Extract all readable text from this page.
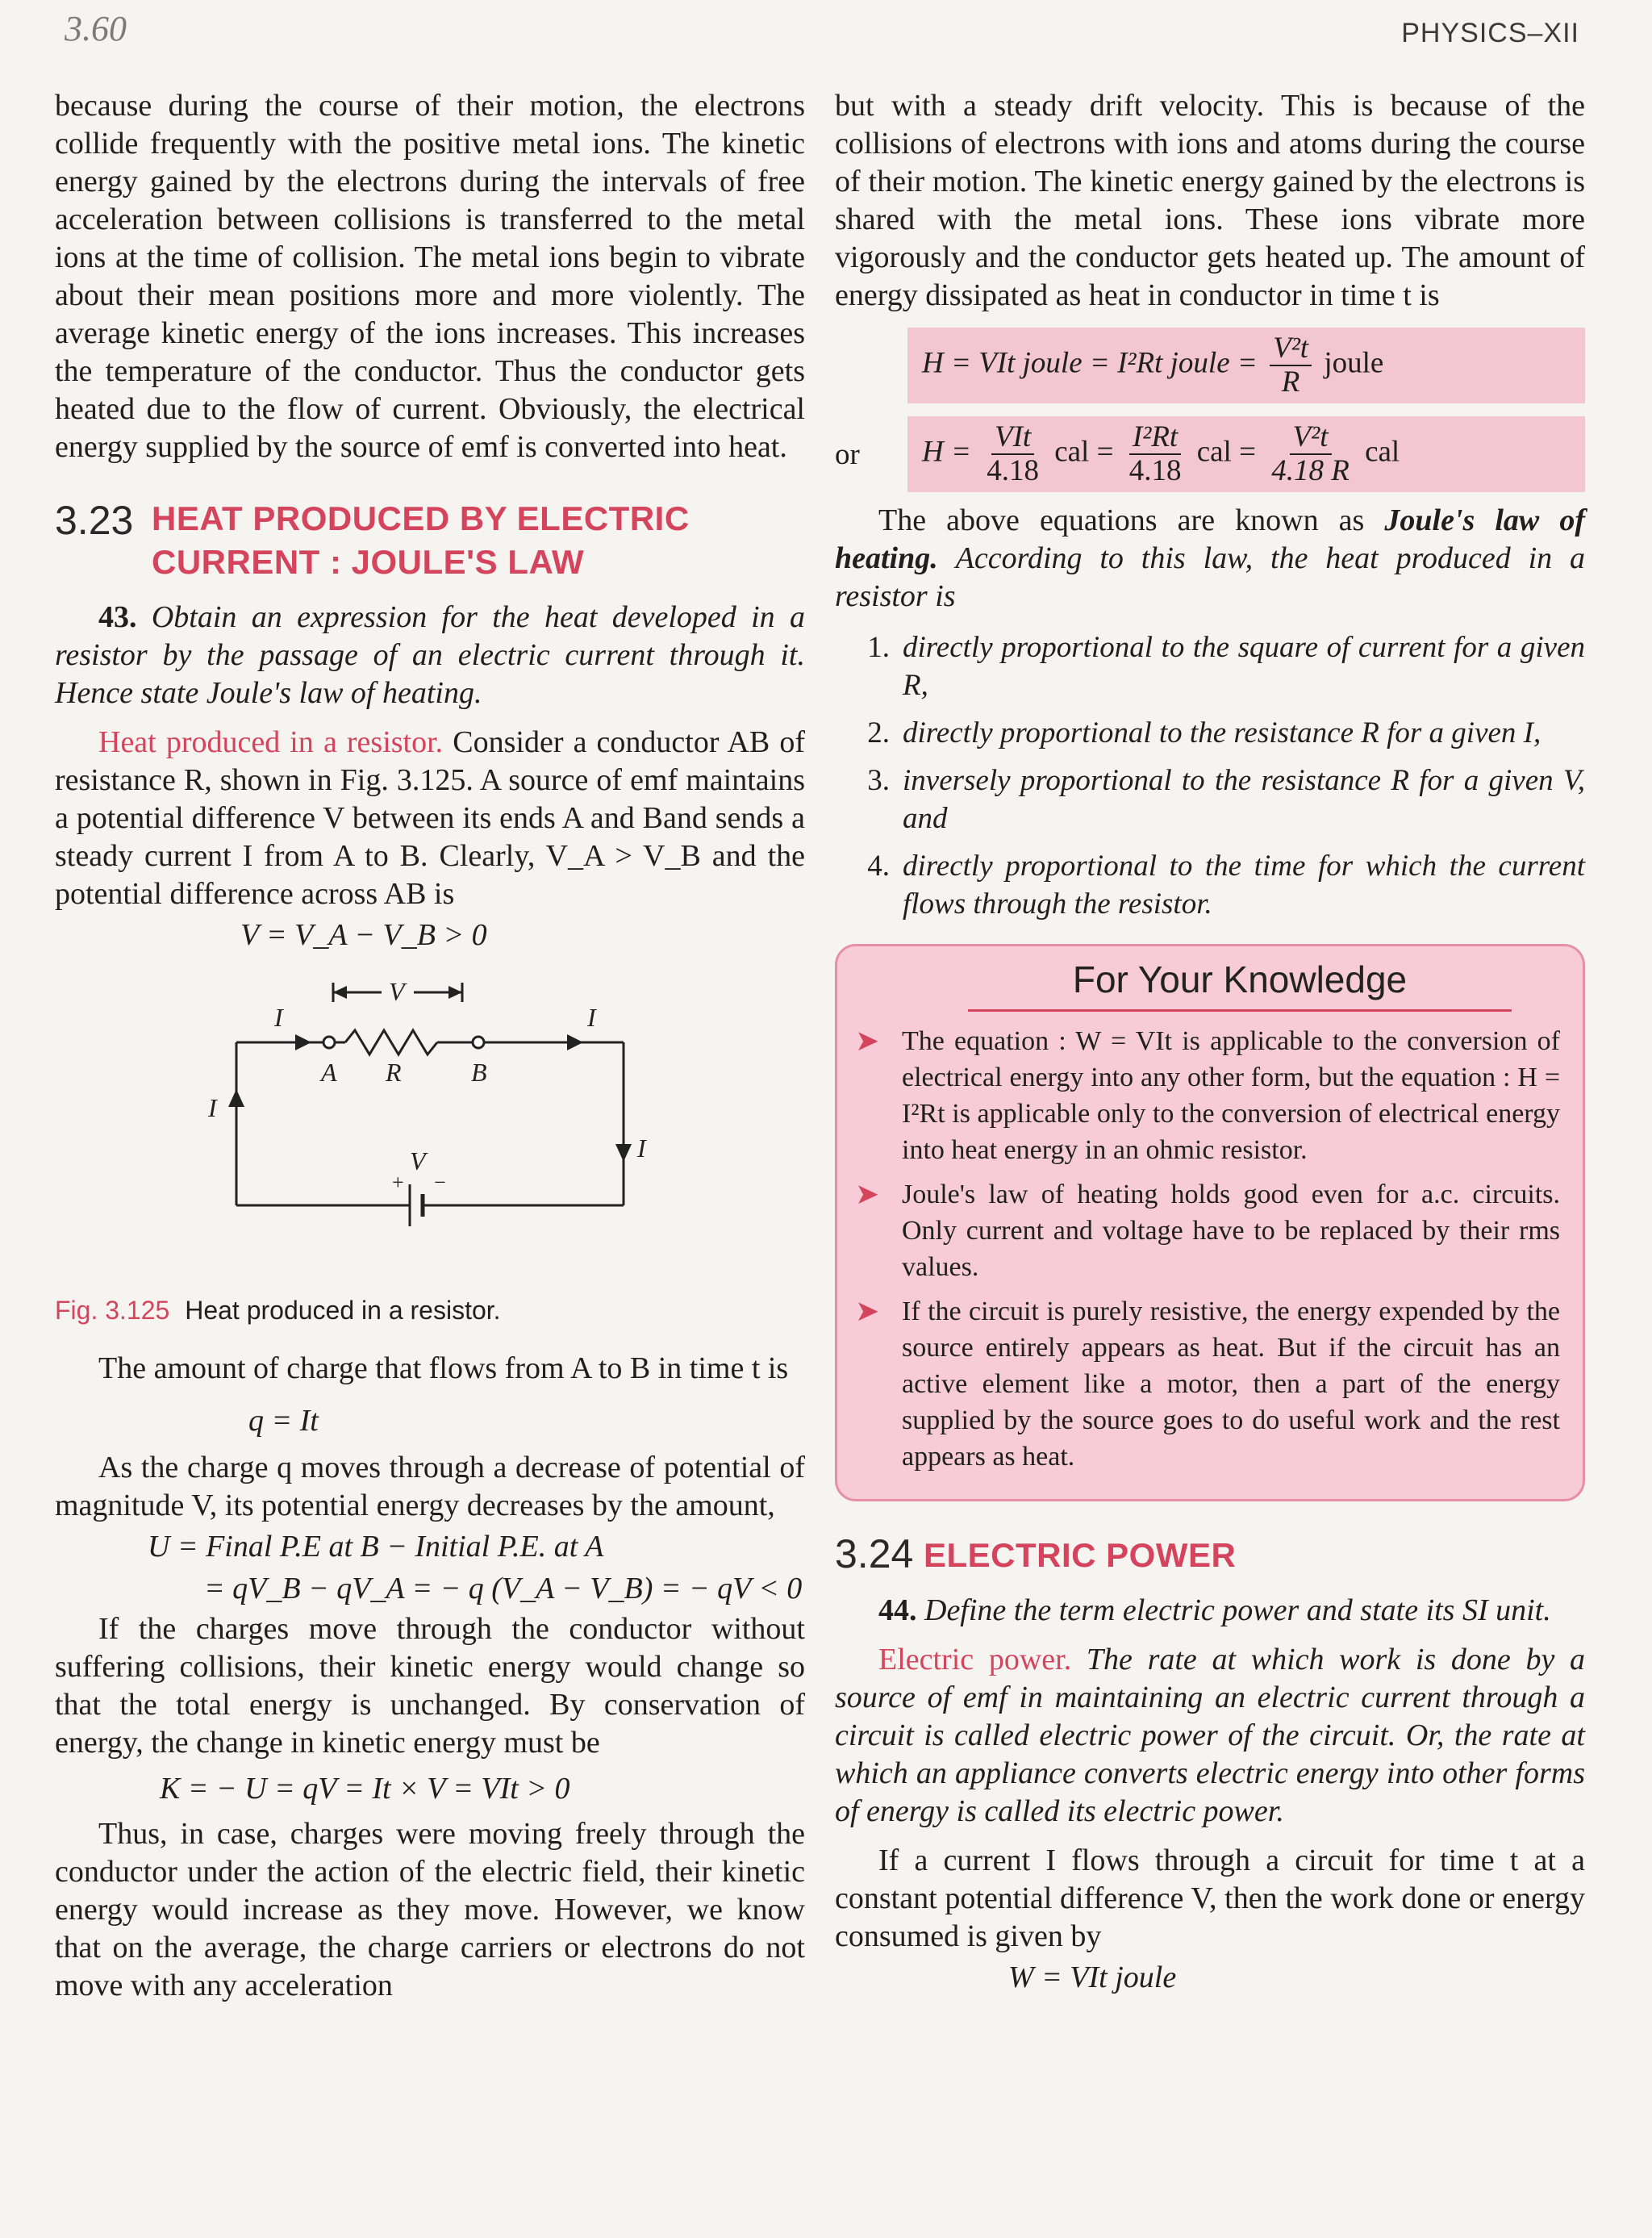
3.60	PHYSICS–XII

because during the course of their motion, the electrons collide frequently with the positive metal ions. The kinetic energy gained by the electrons during the intervals of free acceleration between collisions is transferred to the metal ions at the time of collision. The metal ions begin to vibrate about their mean positions more and more violently. The average kinetic energy of the ions increases. This increases the temperature of the conductor. Thus the conductor gets heated due to the flow of current. Obviously, the electrical energy supplied by the source of emf is converted into heat.

3.23 HEAT PRODUCED BY ELECTRIC
CURRENT : JOULE'S LAW

43. Obtain an expression for the heat developed in a resistor by the passage of an electric current through it. Hence state Joule's law of heating.

Heat produced in a resistor. Consider a conductor AB of resistance R, shown in Fig. 3.125. A source of emf maintains a potential difference V between its ends A and Band sends a steady current I from A to B. Clearly, V_A > V_B and the potential difference across AB is

V = V_A − V_B > 0
V
I	I
A R	B
I
I
V
+ −
Fig. 3.125 Heat produced in a resistor.

The amount of charge that flows from A to B in time t is

q = It

As the charge q moves through a decrease of potential of magnitude V, its potential energy decreases by the amount,

U = Final P.E at B − Initial P.E. at A
= qV_B − qV_A = − q (V_A − V_B) = − qV < 0

If the charges move through the conductor without suffering collisions, their kinetic energy would change so that the total energy is unchanged. By conservation of energy, the change in kinetic energy must be

K = − U = qV = It × V = VIt > 0

Thus, in case, charges were moving freely through the conductor under the action of the electric field, their kinetic energy would increase as they move. However, we know that on the average, the charge carriers or electrons do not move with any acceleration

but with a steady drift velocity. This is because of the collisions of electrons with ions and atoms during the course of their motion. The kinetic energy gained by the electrons is shared with the metal ions. These ions vibrate more vigorously and the conductor gets heated up. The amount of energy dissipated as heat in conductor in time t is

H = VIt joule = I²Rt joule = $\frac{\text{V²t}}{R}$ joule
or	$H = \frac{\text{VIt}}{4.18}$ cal = $\frac{\text{I²Rt}}{4.18}$ cal = $\frac{\text{V²t}}{4.18 R}$ cal

The above equations are known as Joule's law of heating. According to this law, the heat produced in a resistor is

1. directly proportional to the square of current for a given R,
2. directly proportional to the resistance R for a given I,
3. inversely proportional to the resistance R for a given V, and
4. directly proportional to the time for which the current flows through the resistor.
For Your Knowledge
➤ The equation : W = VIt is applicable to the conversion of electrical energy into any other form, but the equation : H = I²Rt is applicable only to the conversion of electrical energy into heat energy in an ohmic resistor.
➤ Joule's law of heating holds good even for a.c. circuits. Only current and voltage have to be replaced by their rms values.
➤ If the circuit is purely resistive, the energy expended by the source entirely appears as heat. But if the circuit has an active element like a motor, then a part of the energy supplied by the source goes to do useful work and the rest appears as heat.
3.24 ELECTRIC POWER

44. Define the term electric power and state its SI unit.

Electric power. The rate at which work is done by a source of emf in maintaining an electric current through a circuit is called electric power of the circuit. Or, the rate at which an appliance converts electric energy into other forms of energy is called its electric power.

If a current I flows through a circuit for time t at a constant potential difference V, then the work done or energy consumed is given by

W = VIt joule
